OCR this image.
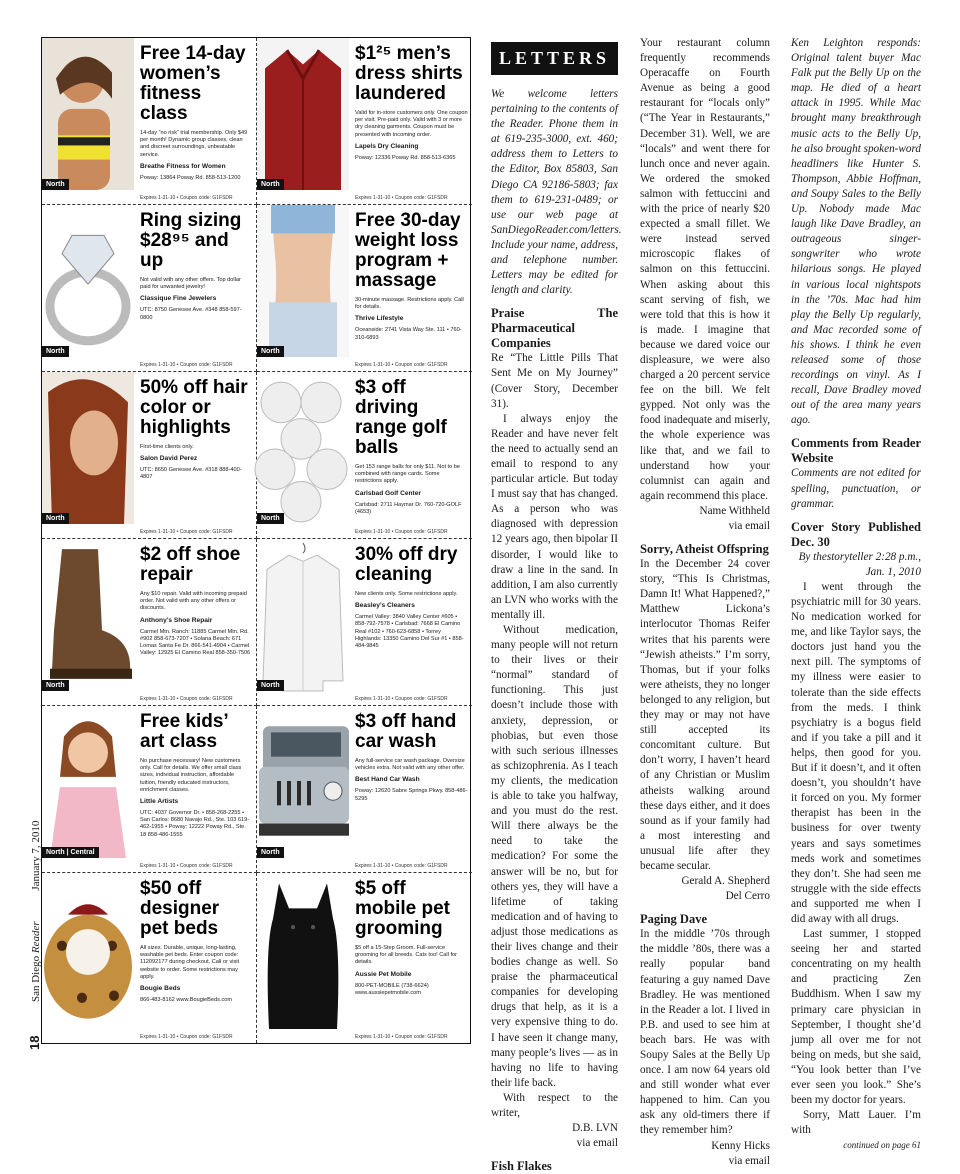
18  San Diego Reader January 7, 2010
North
Free 14-day women’s fitness class

14-day “no risk” trial membership. Only $49 per month! Dynamic group classes, clean and discreet surroundings, unbeatable service.

Breathe Fitness for Women

Poway: 13864 Poway Rd. 858-513-1200

Expires 1-31-10 • Coupon code: G1FSDR
North
$1²⁵ men’s dress shirts laundered

Valid for in-store customers only. One coupon per visit. Pre-paid only. Valid with 3 or more dry cleaning garments. Coupon must be presented with incoming order.

Lapels Dry Cleaning

Poway: 12336 Poway Rd. 858-513-6365

Expires 1-31-10 • Coupon code: G1FSDR
North
Ring sizing $28⁹⁵ and up

Not valid with any other offers. Top dollar paid for unwanted jewelry!

Classique Fine Jewelers

UTC: 8750 Genesee Ave. #348 858-597-0800

Expires 1-31-10 • Coupon code: G1FSDR
North
Free 30-day weight loss program + massage

30-minute massage. Restrictions apply. Call for details.

Thrive Lifestyle

Oceanside: 2741 Vista Way Ste. 111 • 760-310-6893

Expires 1-31-10 • Coupon code: G1FSDR
North
50% off hair color or highlights

First-time clients only.

Salon David Perez

UTC: 8650 Genesee Ave. #318 888-400-4807

Expires 1-31-10 • Coupon code: G1FSDR
North
$3 off driving range golf balls

Get 153 range balls for only $11. Not to be combined with range cards. Some restrictions apply.

Carlsbad Golf Center

Carlsbad: 2711 Haymar Dr. 760-720-GOLF (4653)

Expires 1-31-10 • Coupon code: G1FSDR
North
$2 off shoe repair

Any $10 repair. Valid with incoming prepaid order. Not valid with any other offers or discounts.

Anthony’s Shoe Repair

Carmel Mtn. Ranch: 11885 Carmel Mtn. Rd. #902 858-673-7207 • Solana Beach: 671 Lomas Santa Fe Dr. 866-541-4904 • Carmel Valley: 12925 El Camino Real 858-350-7506

Expires 1-31-10 • Coupon code: G1FSDR
North
30% off dry cleaning

New clients only. Some restrictions apply.

Beasley’s Cleaners

Carmel Valley: 3840 Valley Center #605 • 858-792-7578 • Carlsbad: 7668 El Camino Real #102 • 760-623-6858 • Torrey Highlands: 13350 Camino Del Sur #1 • 858-484-9845

Expires 1-31-10 • Coupon code: G1FSDR
North | Central
Free kids’ art class

No purchase necessary! New customers only. Call for details. We offer small class sizes, individual instruction, affordable tuition, friendly educated instructors, enrichment classes.

Little Artists

UTC: 4037 Governor Dr. • 858-268-2255 • San Carlos: 8680 Navajo Rd., Ste. 103 619-462-1955 • Poway: 12222 Poway Rd., Ste. 18 858-486-1555

Expires 1-31-10 • Coupon code: G1FSDR
North
$3 off hand car wash

Any full-service car wash package. Oversize vehicles extra. Not valid with any other offer.

Best Hand Car Wash

Poway: 12620 Sabre Springs Pkwy. 858-486-5295

Expires 1-31-10 • Coupon code: G1FSDR
$50 off designer pet beds

All sizes. Durable, unique, long-lasting, washable pet beds. Enter coupon code: 112092177 during checkout. Call or visit website to order. Some restrictions may apply.

Bougie Beds

866-483-8162 www.BougieBeds.com

Expires 1-31-10 • Coupon code: G1FSDR
$5 off mobile pet grooming

$5 off a 15-Step Groom. Full-service grooming for all breeds. Cats too! Call for details.

Aussie Pet Mobile

800-PET-MOBILE (738-6624) www.aussiepetmobile.com

Expires 1-31-10 • Coupon code: G1FSDR
LETTERS

We welcome letters pertaining to the contents of the Reader. Phone them in at 619-235-3000, ext. 460; address them to Letters to the Editor, Box 85803, San Diego CA 92186-5803; fax them to 619-231-0489; or use our web page at SanDiegoReader.com/letters. Include your name, address, and telephone number. Letters may be edited for length and clarity.

Praise The Pharmaceutical Companies

Re “The Little Pills That Sent Me on My Journey” (Cover Story, December 31).

I always enjoy the Reader and have never felt the need to actually send an email to respond to any particular article. But today I must say that has changed. As a person who was diagnosed with depression 12 years ago, then bipolar II disorder, I would like to draw a line in the sand. In addition, I am also currently an LVN who works with the mentally ill.

Without medication, many people will not return to their lives or their “normal” standard of functioning. This just doesn’t include those with anxiety, depression, or phobias, but even those with such serious illnesses as schizophrenia. As I teach my clients, the medication is able to take you halfway, and you must do the rest. Will there always be the need to take the medication? For some the answer will be no, but for others yes, they will have a lifetime of taking medication and of having to adjust those medications as their lives change and their bodies change as well. So praise the pharmaceutical companies for developing drugs that help, as it is a very expensive thing to do. I have seen it change many, many people’s lives — as in having no life to having their life back.

With respect to the writer,

D.B. LVN

via email

Fish Flakes

Your restaurant column frequently recommends Operacaffe on Fourth Avenue as being a good restaurant for “locals only” (“The Year in Restaurants,” December 31). Well, we are “locals” and went there for lunch once and never again. We ordered the smoked salmon with fettuccini and with the price of nearly $20 expected a small fillet. We were instead served microscopic flakes of salmon on this fettuccini. When asking about this scant serving of fish, we were told that this is how it is made. I imagine that because we dared voice our displeasure, we were also charged a 20 percent service fee on the bill. We felt gypped. Not only was the food inadequate and miserly, the whole experience was like that, and we fail to understand how your columnist can again and again recommend this place.

Name Withheld

via email

Sorry, Atheist Offspring

In the December 24 cover story, “This Is Christmas, Damn It! What Happened?,” Matthew Lickona’s interlocutor Thomas Reifer writes that his parents were “Jewish atheists.” I’m sorry, Thomas, but if your folks were atheists, they no longer belonged to any religion, but they may or may not have still accepted its concomitant culture. But don’t worry, I haven’t heard of any Christian or Muslim atheists walking around these days either, and it does sound as if your family had a most interesting and unusual life after they became secular.

Gerald A. Shepherd

Del Cerro

Paging Dave

In the middle ’70s through the middle ’80s, there was a really popular band featuring a guy named Dave Bradley. He was mentioned in the Reader a lot. I lived in P.B. and used to see him at beach bars. He was with Soupy Sales at the Belly Up once. I am now 64 years old and still wonder what ever happened to him. Can you ask any old-timers there if they remember him?

Kenny Hicks

via email

Ken Leighton responds: Original talent buyer Mac Falk put the Belly Up on the map. He died of a heart attack in 1995. While Mac brought many breakthrough music acts to the Belly Up, he also brought spoken-word headliners like Hunter S. Thompson, Abbie Hoffman, and Soupy Sales to the Belly Up. Nobody made Mac laugh like Dave Bradley, an outrageous singer-songwriter who wrote hilarious songs. He played in various local nightspots in the ’70s. Mac had him play the Belly Up regularly, and Mac recorded some of his shows. I think he even released some of those recordings on vinyl. As I recall, Dave Bradley moved out of the area many years ago.

Comments from Reader Website

Comments are not edited for spelling, punctuation, or grammar.

Cover Story Published Dec. 30

By thestoryteller 2:28 p.m., Jan. 1, 2010

I went through the psychiatric mill for 30 years. No medication worked for me, and like Taylor says, the doctors just hand you the next pill. The symptoms of my illness were easier to tolerate than the side effects from the meds. I think psychiatry is a bogus field and if you take a pill and it helps, then good for you. But if it doesn’t, and it often doesn’t, you shouldn’t have it forced on you. My former therapist has been in the business for over twenty years and says sometimes meds work and sometimes they don’t. She had seen me struggle with the side effects and supported me when I did away with all drugs.

Last summer, I stopped seeing her and started concentrating on my health and practicing Zen Buddhism. When I saw my primary care physician in September, I thought she’d jump all over me for not being on meds, but she said, “You look better than I’ve ever seen you look.” She’s been my doctor for years.

Sorry, Matt Lauer. I’m with

continued on page 61
